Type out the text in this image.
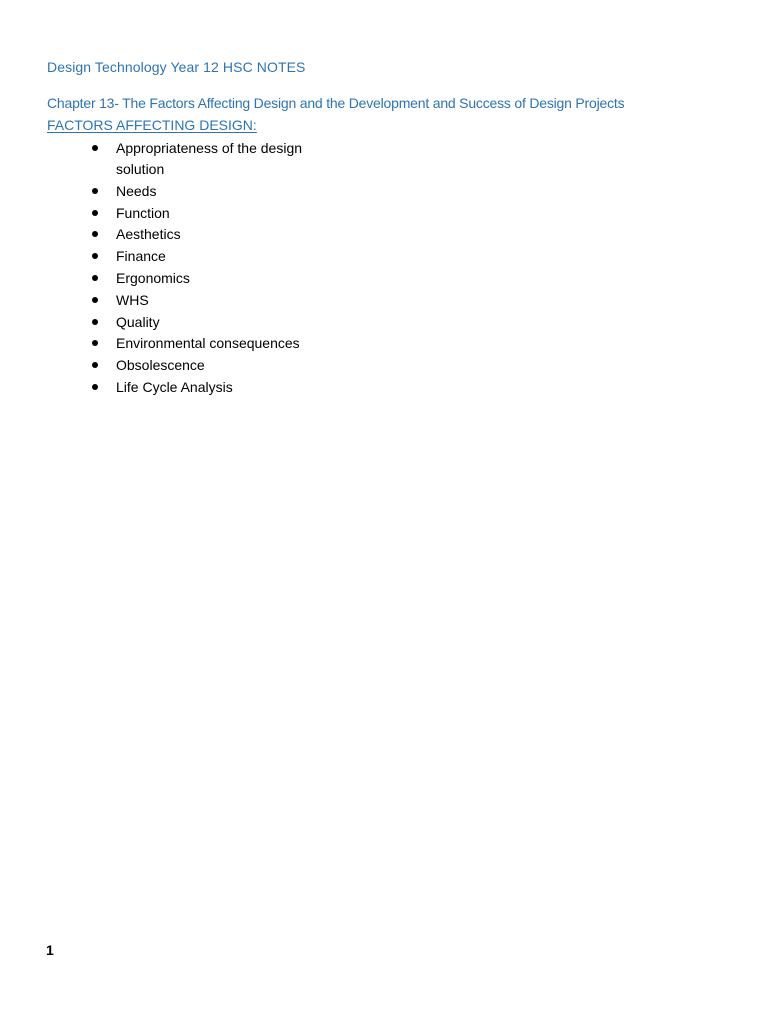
Design Technology Year 12 HSC NOTES
Chapter 13- The Factors Affecting Design and the Development and Success of Design Projects
FACTORS AFFECTING DESIGN:
Appropriateness of the design solution
Needs
Function
Aesthetics
Finance
Ergonomics
WHS
Quality
Environmental consequences
Obsolescence
Life Cycle Analysis
1
